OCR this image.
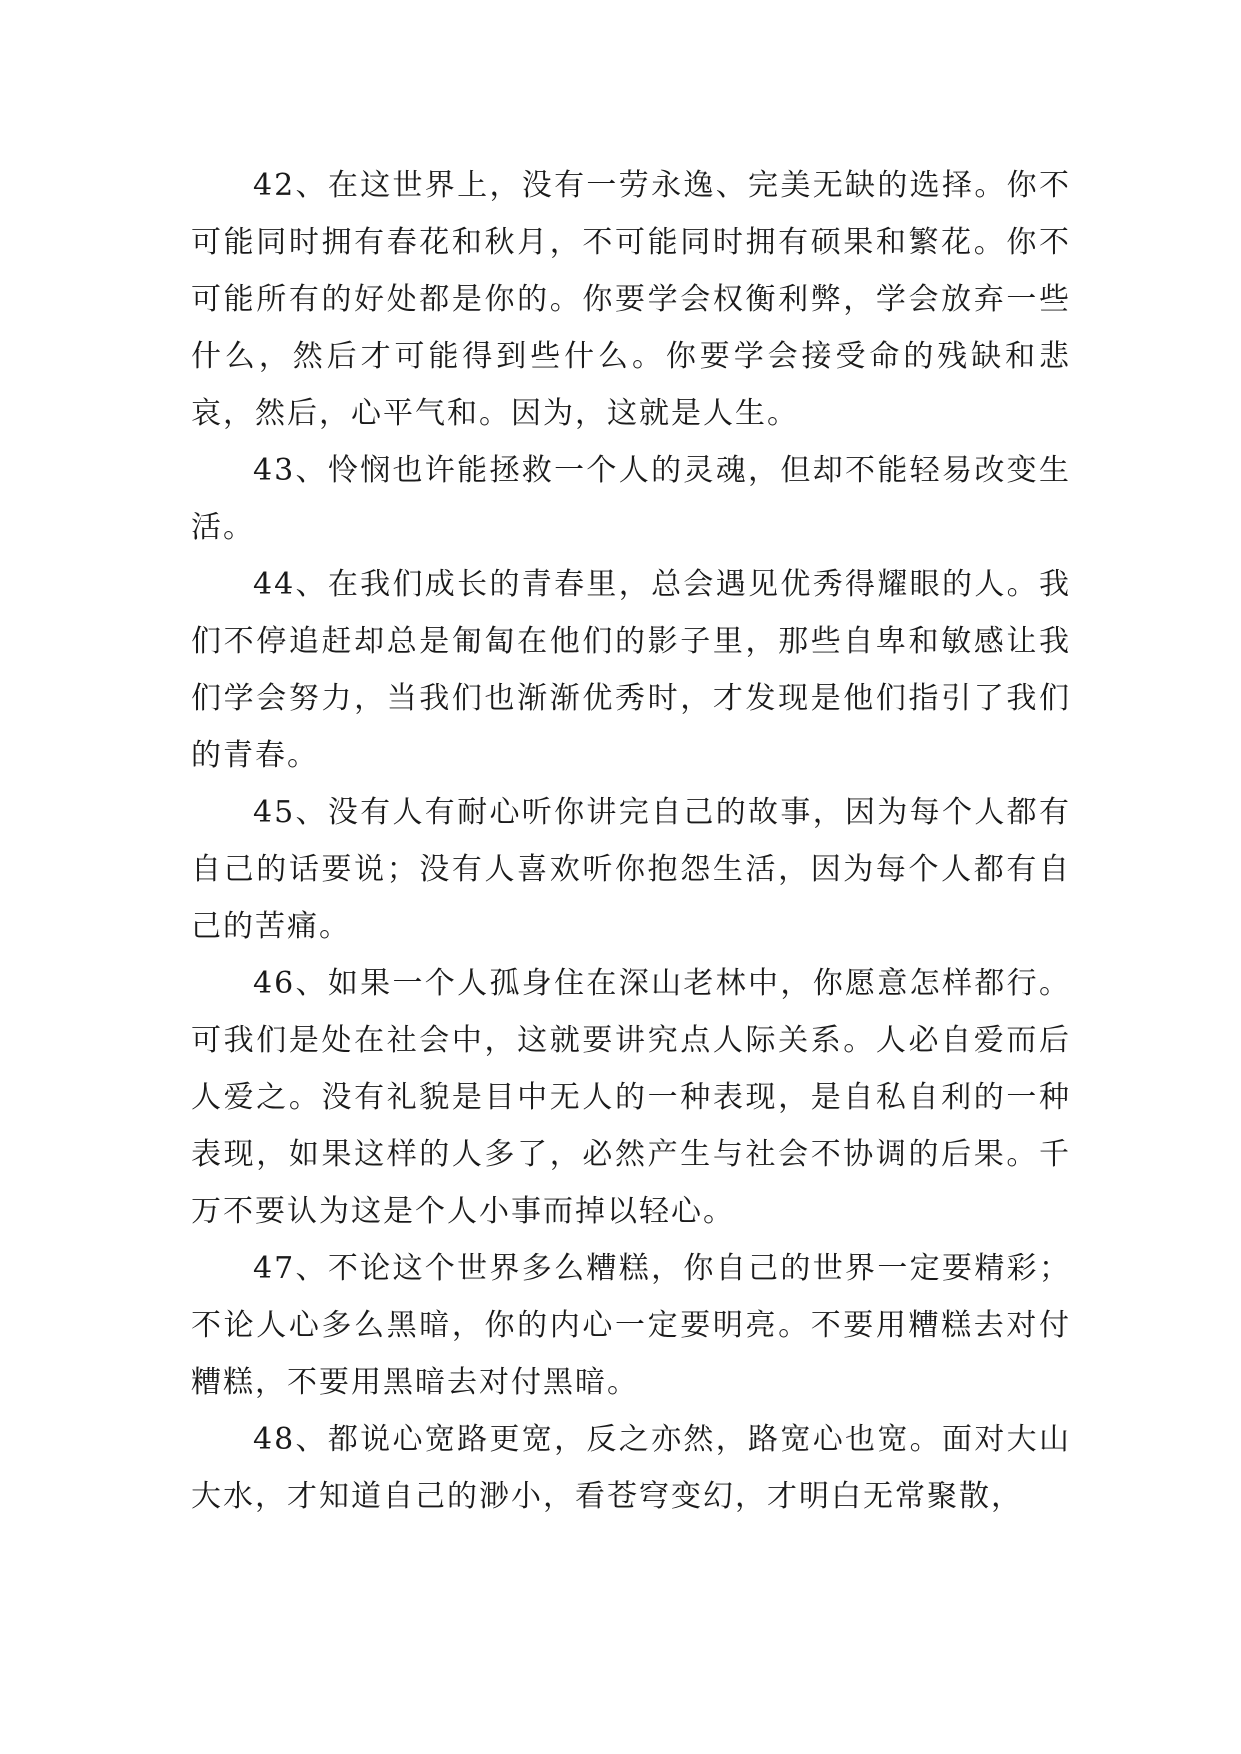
42、在这世界上，没有一劳永逸、完美无缺的选择。你不可能同时拥有春花和秋月，不可能同时拥有硕果和繁花。你不可能所有的好处都是你的。你要学会权衡利弊，学会放弃一些什么，然后才可能得到些什么。你要学会接受命的残缺和悲哀，然后，心平气和。因为，这就是人生。

43、怜悯也许能拯救一个人的灵魂，但却不能轻易改变生活。

44、在我们成长的青春里，总会遇见优秀得耀眼的人。我们不停追赶却总是匍匐在他们的影子里，那些自卑和敏感让我们学会努力，当我们也渐渐优秀时，才发现是他们指引了我们的青春。

45、没有人有耐心听你讲完自己的故事，因为每个人都有自己的话要说；没有人喜欢听你抱怨生活，因为每个人都有自己的苦痛。

46、如果一个人孤身住在深山老林中，你愿意怎样都行。可我们是处在社会中，这就要讲究点人际关系。人必自爱而后人爱之。没有礼貌是目中无人的一种表现，是自私自利的一种表现，如果这样的人多了，必然产生与社会不协调的后果。千万不要认为这是个人小事而掉以轻心。

47、不论这个世界多么糟糕，你自己的世界一定要精彩；不论人心多么黑暗，你的内心一定要明亮。不要用糟糕去对付糟糕，不要用黑暗去对付黑暗。

48、都说心宽路更宽，反之亦然，路宽心也宽。面对大山大水，才知道自己的渺小，看苍穹变幻，才明白无常聚散，
